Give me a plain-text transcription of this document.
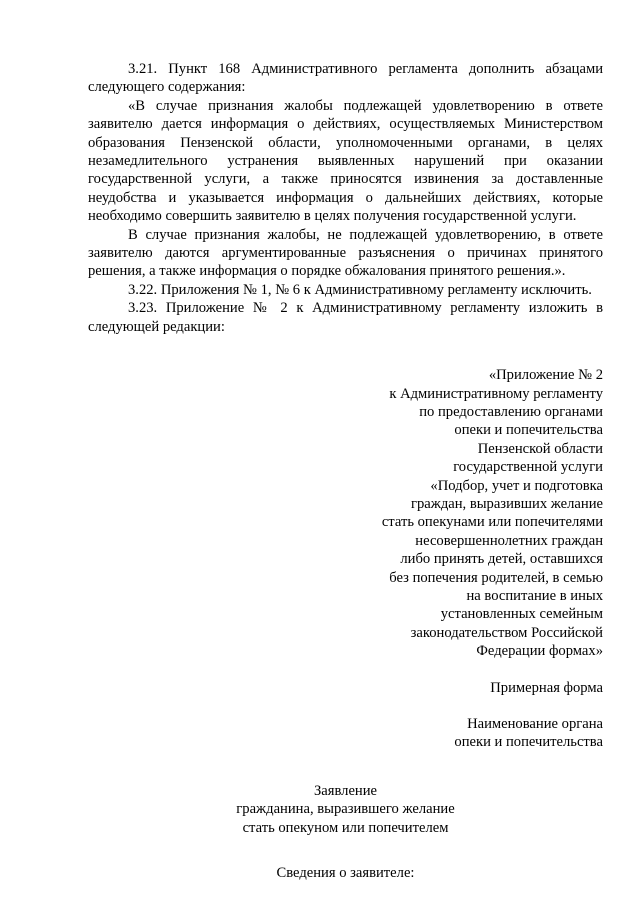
3.21. Пункт 168 Административного регламента дополнить абзацами следующего содержания:

«В случае признания жалобы подлежащей удовлетворению в ответе заявителю дается информация о действиях, осуществляемых Министерством образования Пензенской области, уполномоченными органами, в целях незамедлительного устранения выявленных нарушений при оказании государственной услуги, а также приносятся извинения за доставленные неудобства и указывается информация о дальнейших действиях, которые необходимо совершить заявителю в целях получения государственной услуги.

В случае признания жалобы, не подлежащей удовлетворению, в ответе заявителю даются аргументированные разъяснения о причинах принятого решения, а также информация о порядке обжалования принятого решения.».

3.22. Приложения № 1, № 6 к Административному регламенту исключить.

3.23. Приложение № 2 к Административному регламенту изложить в следующей редакции:

«Приложение № 2
к Административному регламенту
по предоставлению органами
опеки и попечительства
Пензенской области
государственной услуги
«Подбор, учет и подготовка
граждан, выразивших желание
стать опекунами или попечителями
несовершеннолетних граждан
либо принять детей, оставшихся
без попечения родителей, в семью
на воспитание в иных
установленных семейным
законодательством Российской
Федерации формах»
Примерная форма
Наименование органа
опеки и попечительства
Заявление
гражданина, выразившего желание
стать опекуном или попечителем
Сведения о заявителе:
